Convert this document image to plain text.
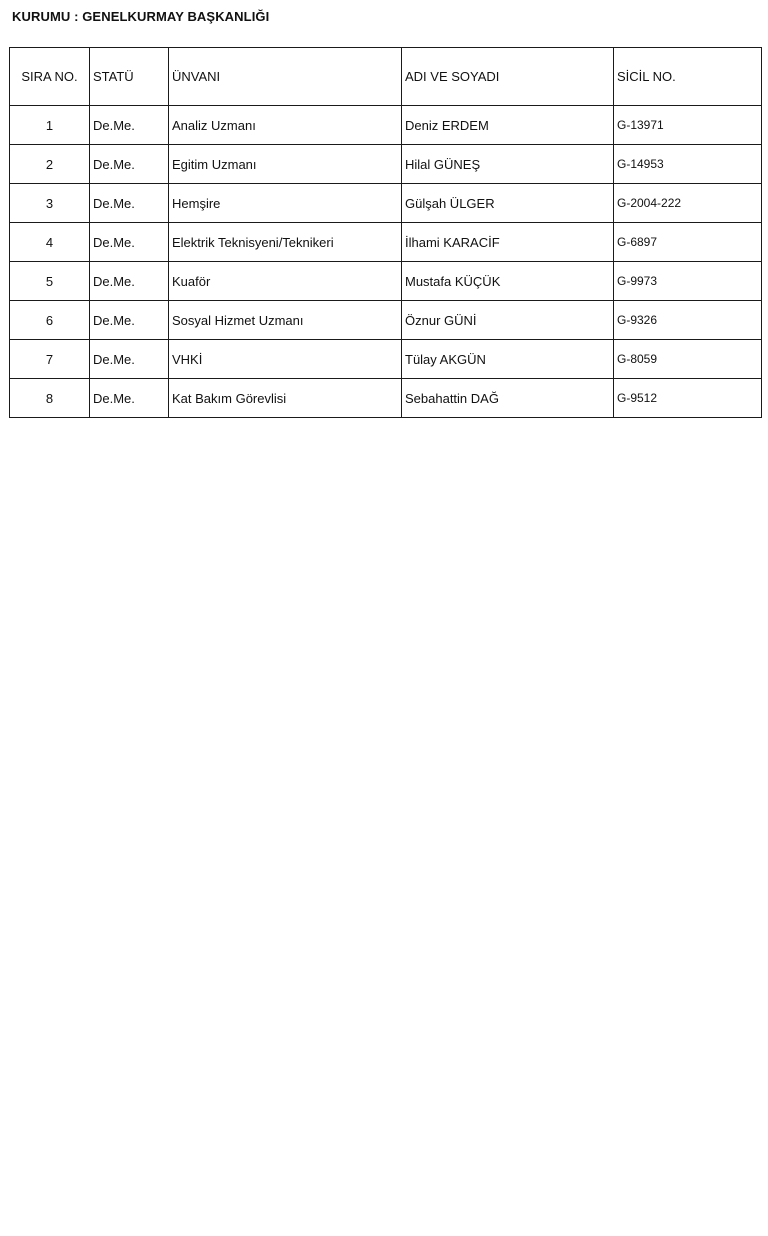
KURUMU : GENELKURMAY BAŞKANLIĞI
SIRA NO.	STATÜ	ÜNVANI	ADI VE SOYADI	SİCİL NO.
1	De.Me.	Analiz Uzmanı	Deniz ERDEM	G-13971
2	De.Me.	Egitim Uzmanı	Hilal GÜNEŞ	G-14953
3	De.Me.	Hemşire	Gülşah ÜLGER	G-2004-222
4	De.Me.	Elektrik Teknisyeni/Teknikeri	İlhami KARACİF	G-6897
5	De.Me.	Kuaför	Mustafa KÜÇÜK	G-9973
6	De.Me.	Sosyal Hizmet Uzmanı	Öznur GÜNİ	G-9326
7	De.Me.	VHKİ	Tülay AKGÜN	G-8059
8	De.Me.	Kat Bakım Görevlisi	Sebahattin DAĞ	G-9512
